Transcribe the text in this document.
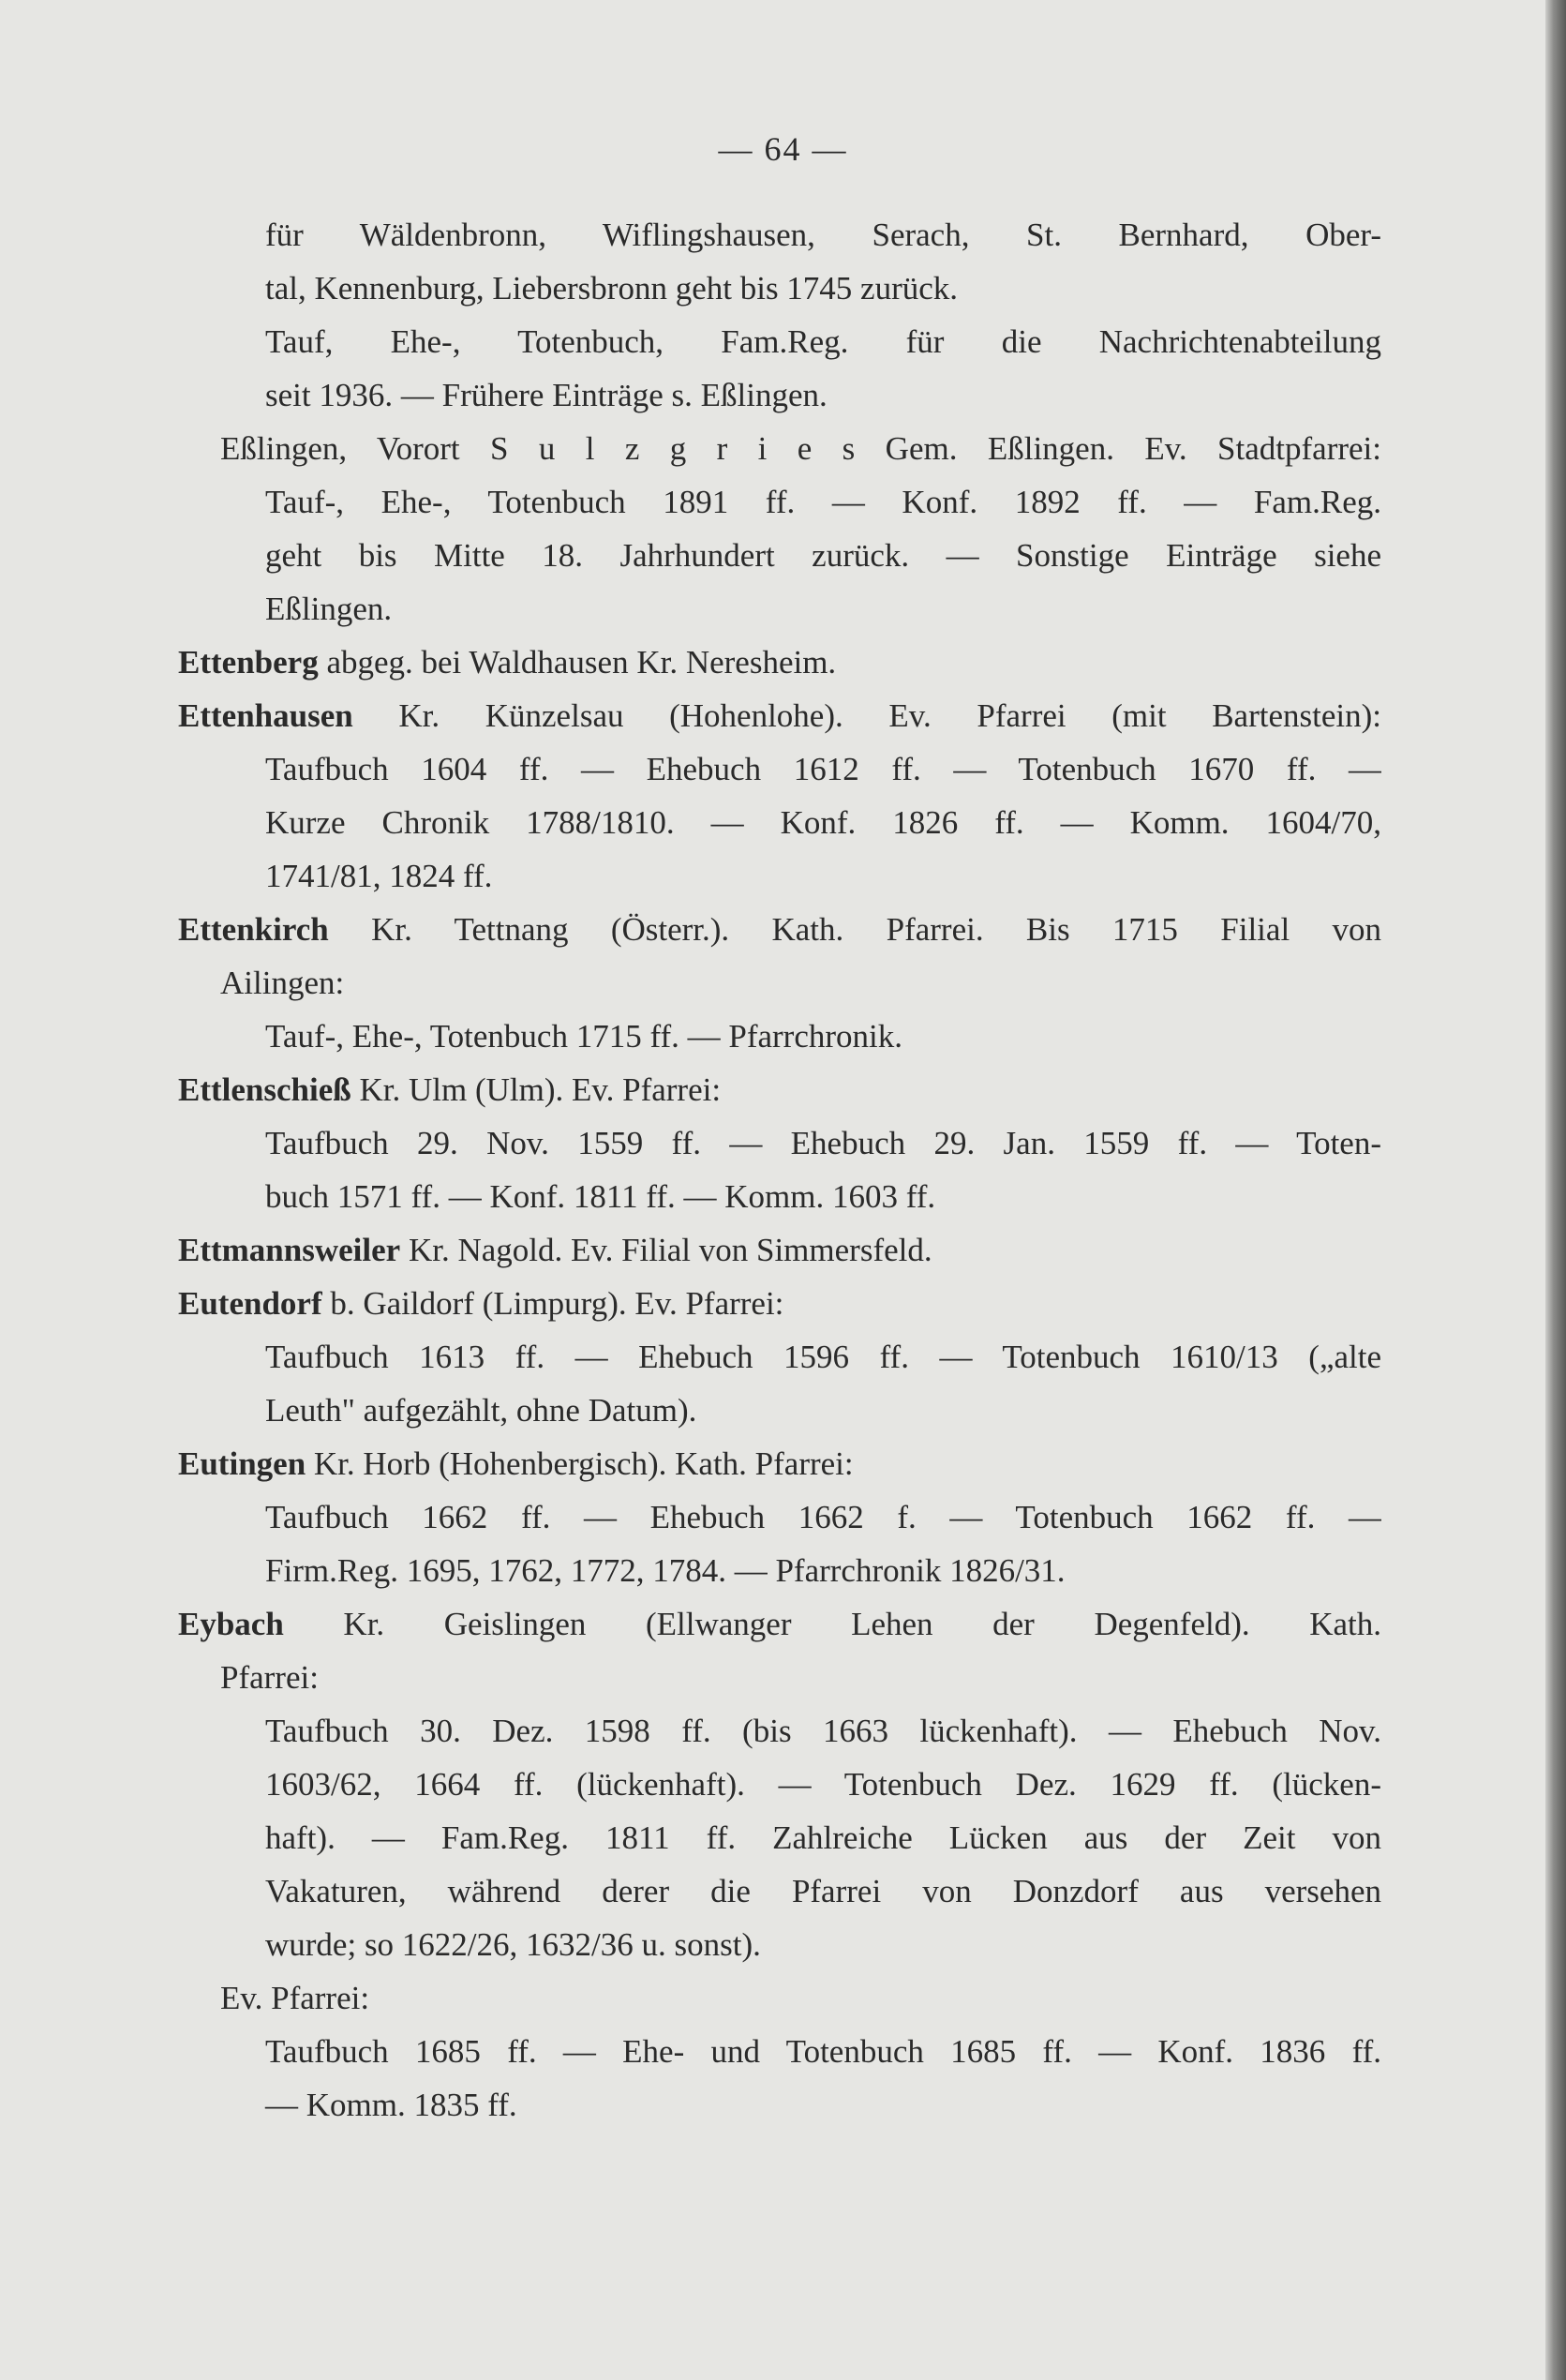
— 64 —
für Wäldenbronn, Wiflingshausen, Serach, St. Bernhard, Ober-
tal, Kennenburg, Liebersbronn geht bis 1745 zurück.
Tauf, Ehe-, Totenbuch, Fam.Reg. für die Nachrichtenabteilung
seit 1936. — Frühere Einträge s. Eßlingen.
Eßlingen, Vorort S u l z g r i e s Gem. Eßlingen. Ev. Stadtpfarrei:
Tauf-, Ehe-, Totenbuch 1891 ff. — Konf. 1892 ff. — Fam.Reg.
geht bis Mitte 18. Jahrhundert zurück. — Sonstige Einträge siehe
Eßlingen.
Ettenberg abgeg. bei Waldhausen Kr. Neresheim.
Ettenhausen Kr. Künzelsau (Hohenlohe). Ev. Pfarrei (mit Bartenstein):
Taufbuch 1604 ff. — Ehebuch 1612 ff. — Totenbuch 1670 ff. —
Kurze Chronik 1788/1810. — Konf. 1826 ff. — Komm. 1604/70,
1741/81, 1824 ff.
Ettenkirch Kr. Tettnang (Österr.). Kath. Pfarrei. Bis 1715 Filial von
Ailingen:
Tauf-, Ehe-, Totenbuch 1715 ff. — Pfarrchronik.
Ettlenschieß Kr. Ulm (Ulm). Ev. Pfarrei:
Taufbuch 29. Nov. 1559 ff. — Ehebuch 29. Jan. 1559 ff. — Toten-
buch 1571 ff. — Konf. 1811 ff. — Komm. 1603 ff.
Ettmannsweiler Kr. Nagold. Ev. Filial von Simmersfeld.
Eutendorf b. Gaildorf (Limpurg). Ev. Pfarrei:
Taufbuch 1613 ff. — Ehebuch 1596 ff. — Totenbuch 1610/13 („alte
Leuth" aufgezählt, ohne Datum).
Eutingen Kr. Horb (Hohenbergisch). Kath. Pfarrei:
Taufbuch 1662 ff. — Ehebuch 1662 f. — Totenbuch 1662 ff. —
Firm.Reg. 1695, 1762, 1772, 1784. — Pfarrchronik 1826/31.
Eybach Kr. Geislingen (Ellwanger Lehen der Degenfeld). Kath.
Pfarrei:
Taufbuch 30. Dez. 1598 ff. (bis 1663 lückenhaft). — Ehebuch Nov.
1603/62, 1664 ff. (lückenhaft). — Totenbuch Dez. 1629 ff. (lücken-
haft). — Fam.Reg. 1811 ff. Zahlreiche Lücken aus der Zeit von
Vakaturen, während derer die Pfarrei von Donzdorf aus versehen
wurde; so 1622/26, 1632/36 u. sonst).
Ev. Pfarrei:
Taufbuch 1685 ff. — Ehe- und Totenbuch 1685 ff. — Konf. 1836 ff.
— Komm. 1835 ff.
